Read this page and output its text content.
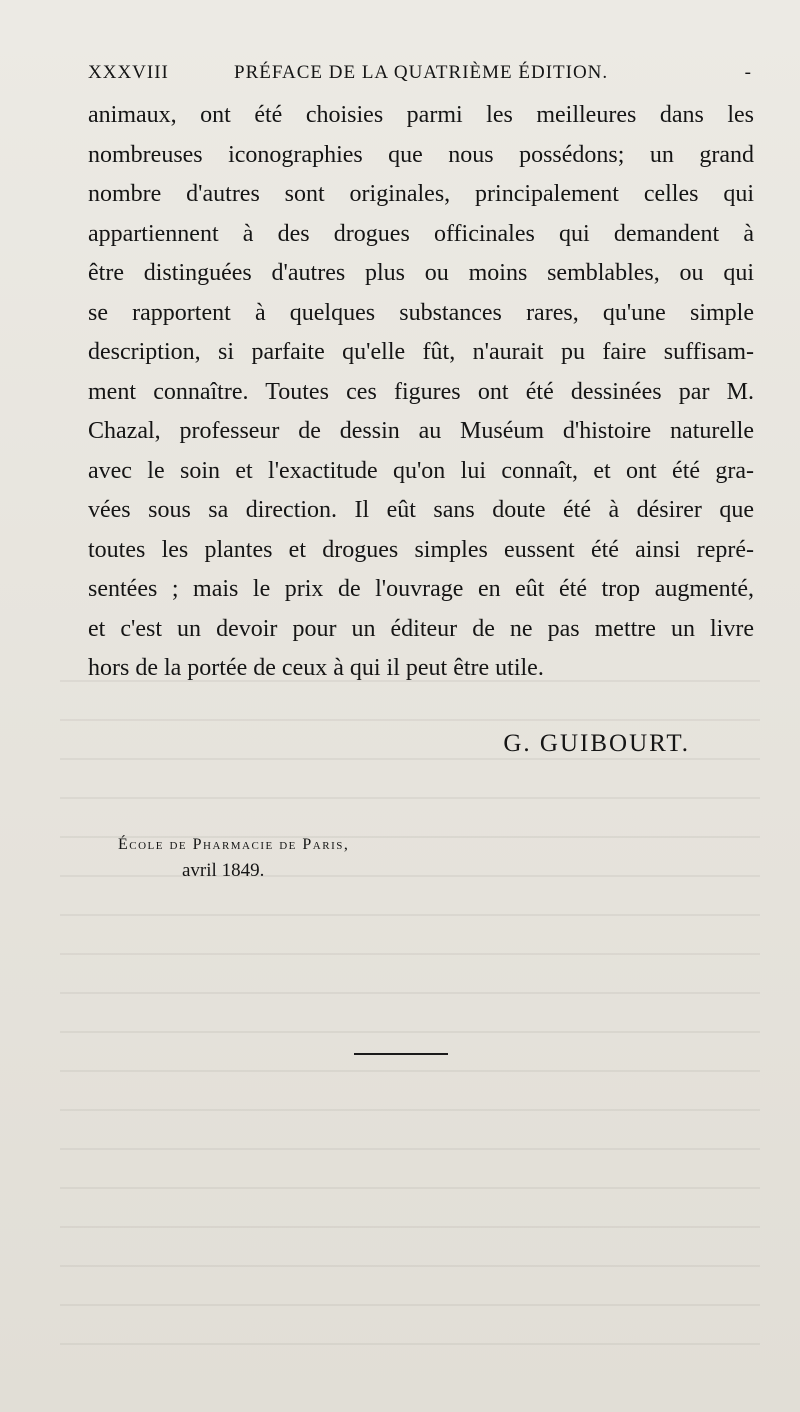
XXXVIII	PRÉFACE DE LA QUATRIÈME ÉDITION.	-

animaux, ont été choisies parmi les meilleures dans les
nombreuses iconographies que nous possédons; un grand
nombre d'autres sont originales, principalement celles qui
appartiennent à des drogues officinales qui demandent à
être distinguées d'autres plus ou moins semblables, ou qui
se rapportent à quelques substances rares, qu'une simple
description, si parfaite qu'elle fût, n'aurait pu faire suffisam-
ment connaître. Toutes ces figures ont été dessinées par M.
Chazal, professeur de dessin au Muséum d'histoire naturelle
avec le soin et l'exactitude qu'on lui connaît, et ont été gra-
vées sous sa direction. Il eût sans doute été à désirer que
toutes les plantes et drogues simples eussent été ainsi repré-
sentées ; mais le prix de l'ouvrage en eût été trop augmenté,
et c'est un devoir pour un éditeur de ne pas mettre un livre
hors de la portée de ceux à qui il peut être utile.

G. GUIBOURT.
École de Pharmacie de Paris,
avril 1849.
